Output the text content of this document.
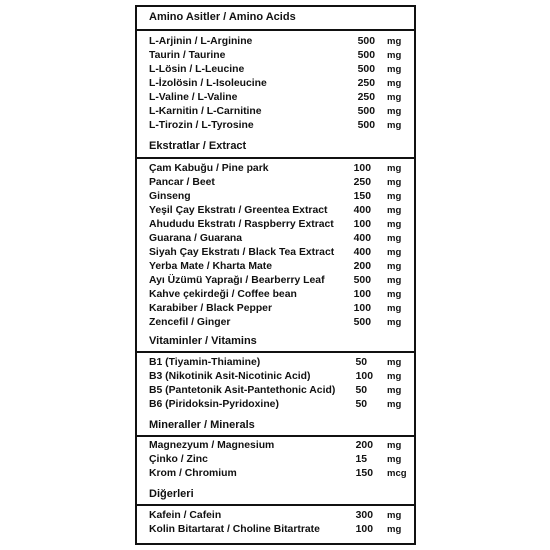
Amino Asitler / Amino Acids
L-Arjinin / L-Arginine	500 mg
Taurin / Taurine	500 mg
L-Lösin / L-Leucine	500 mg
L-İzolösin / L-Isoleucine	250 mg
L-Valine / L-Valine	250 mg
L-Karnitin / L-Carnitine	500 mg
L-Tirozin / L-Tyrosine	500 mg
Ekstratlar / Extract
Çam Kabuğu / Pine park	100 mg
Pancar / Beet	250 mg
Ginseng	150 mg
Yeşil Çay Ekstratı / Greentea Extract	400 mg
Ahududu Ekstratı / Raspberry Extract	100 mg
Guarana / Guarana	400 mg
Siyah Çay Ekstratı / Black Tea Extract	400 mg
Yerba Mate / Kharta Mate	200 mg
Ayı Üzümü Yaprağı / Bearberry Leaf	500 mg
Kahve çekirdeği / Coffee bean	100 mg
Karabiber / Black Pepper	100 mg
Zencefil / Ginger	500 mg
Vitaminler / Vitamins
B1 (Tiyamin-Thiamine)	50 mg
B3 (Nikotinik Asit-Nicotinic Acid)	100 mg
B5 (Pantetonik Asit-Pantethonic Acid)	50 mg
B6 (Piridoksin-Pyridoxine)	50 mg
Mineraller / Minerals
Magnezyum / Magnesium	200 mg
Çinko / Zinc	15 mg
Krom / Chromium	150 mcg
Diğerleri
Kafein / Cafein	300 mg
Kolin Bitartarat / Choline Bitartrate	100 mg
